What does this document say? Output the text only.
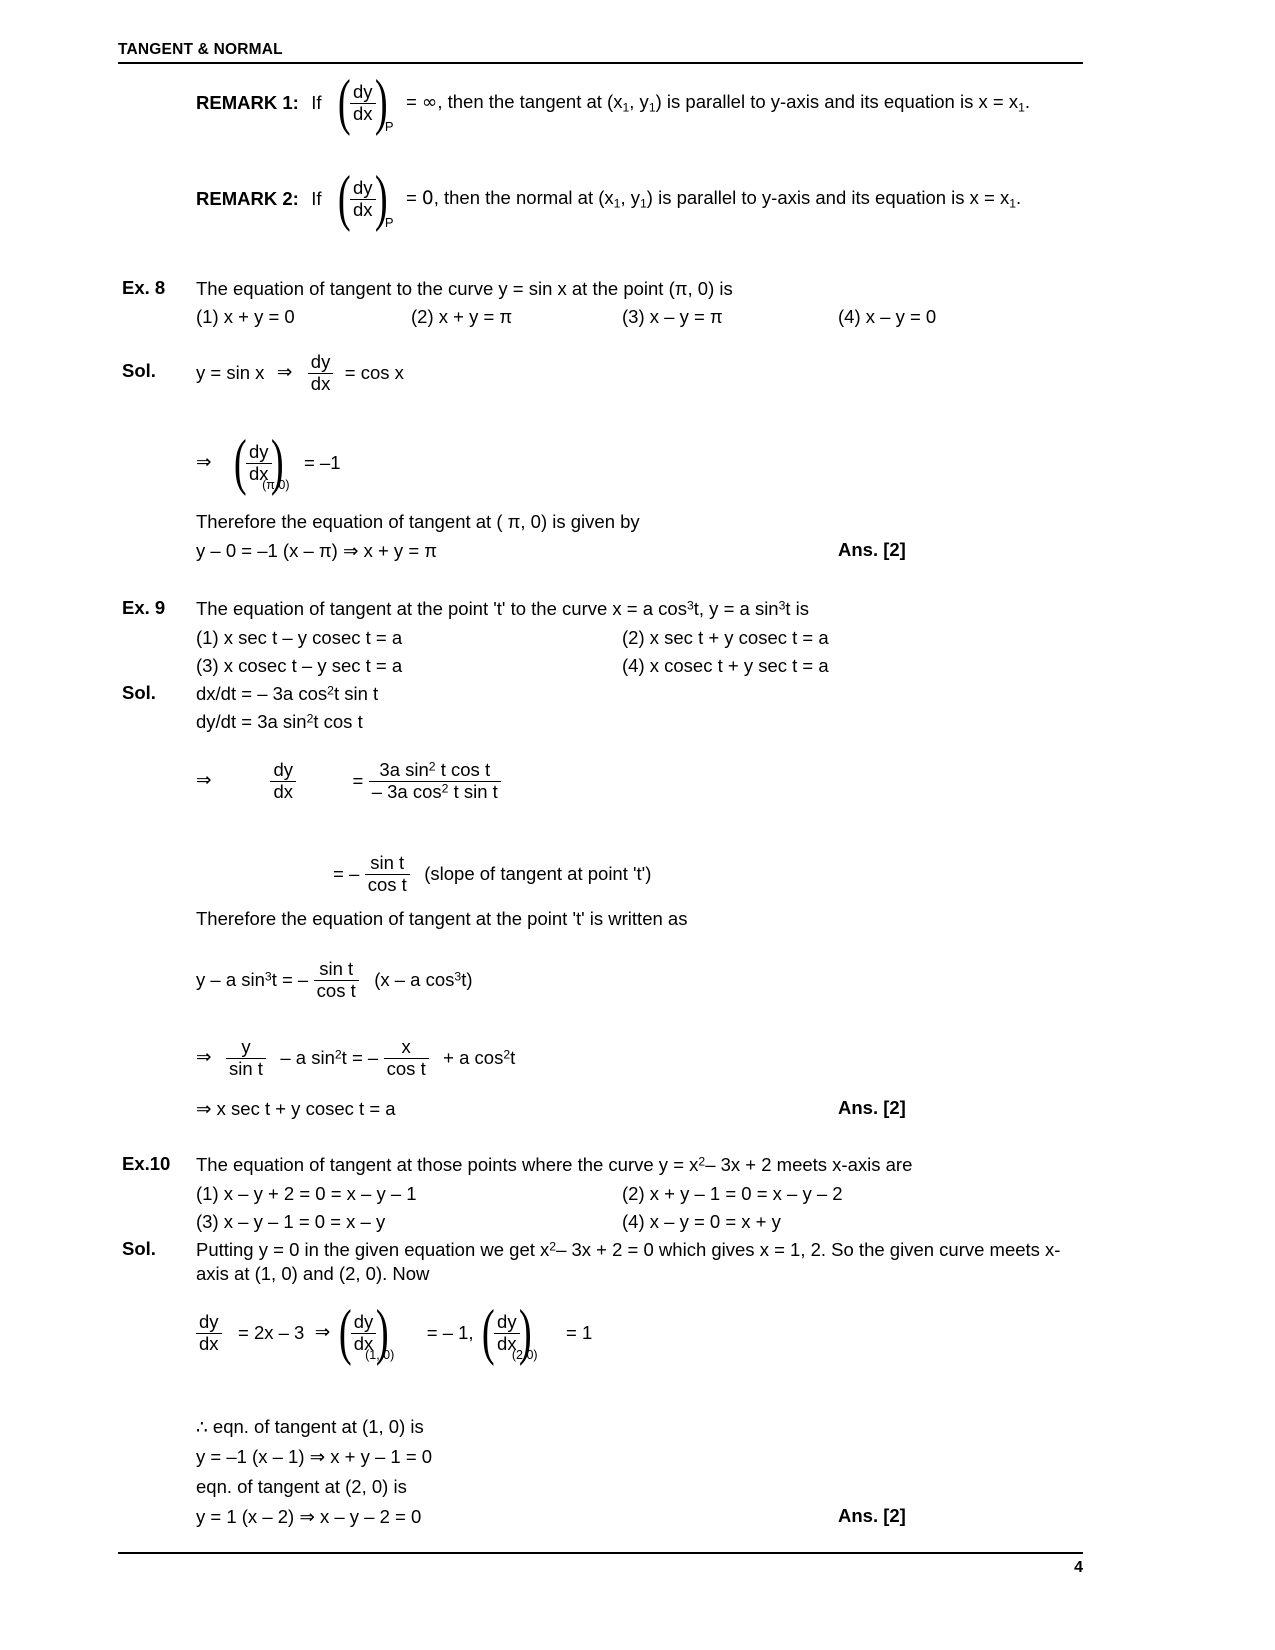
TANGENT & NORMAL
REMARK 1: If ( $\frac{dy}{dx}$

P
) = ∞, then the tangent at ($x_1$, $y_1$) is parallel to y-axis and its equation is $x = x_1$.
REMARK 2: If ( $\frac{dy}{dx}$

P
) = 0, then the normal at ($x_1$, $y_1$) is parallel to y-axis and its equation is $x = x_1$.
Ex. 8 The equation of tangent to the curve y = sin x at the point (π, 0) is
(1) x + y = 0	(2) x + y = π	(3) x – y = π	(4) x – y = 0
Sol. y = sin x ⇒ $\frac{dy}{dx} = \cos x$
⇒ ( $\frac{dy}{dx}$

(π,0)
) = –1
Therefore the equation of tangent at ( π, 0) is given by
y – 0 = –1 (x – π) ⇒ x + y = π	Ans. [2]
Ex. 9 The equation of tangent at the point 't' to the curve x = a $\cos^3t$, y = a $\sin^3t$ is
(1) x sec t – y cosec t = a	(2) x sec t + y cosec t = a
(3) x cosec t – y sec t = a	(4) x cosec t + y sec t = a
Sol. dx/dt = – 3a $\cos^2t$ sin t
dy/dt = 3a $\sin^2t$ cos t
⇒	$\frac{dy}{dx}$	= $\frac{3a \sin^2 t \cos t}{- 3a \cos^2 t \sin t}$
= – $\frac{\text{sin t}}{\text{cos t}}$ (slope of tangent at point 't')
Therefore the equation of tangent at the point 't' is written as
y – a $\sin^3t$ = – $\frac{\text{sin t}}{\text{cos t}} (x$ – a $\cos^3t$)
⇒ $\frac{y}{\text{sin t}}$ – a $\sin^2t$ = – $\frac{x}{\text{cos t}} + a$ $\cos^2t$
⇒ x sec t + y cosec t = a	Ans. [2]
Ex.10 The equation of tangent at those points where the curve $y = x^2-$ 3x + 2 meets x-axis are
(1) x – y + 2 = 0 = x – y – 1	(2) x + y – 1 = 0 = x – y – 2
(3) x – y – 1 = 0 = x – y	(4) x – y = 0 = x + y
Sol. Putting y = 0 in the given equation we get $x^2-$ 3x + 2 = 0 which gives x = 1, 2. So the given curve meets x-axis at (1, 0) and (2, 0). Now
$\frac{dy}{dx} = 2x - 3$ ⇒ ( $\frac{dy}{dx}$

(1, 0)
) = – 1, ( $\frac{dy}{dx}$

(2,0)
) = 1
∴ eqn. of tangent at (1, 0) is
y = –1 (x – 1) ⇒ x + y – 1 = 0
eqn. of tangent at (2, 0) is
y = 1 (x – 2) ⇒ x – y – 2 = 0	Ans. [2]
4
